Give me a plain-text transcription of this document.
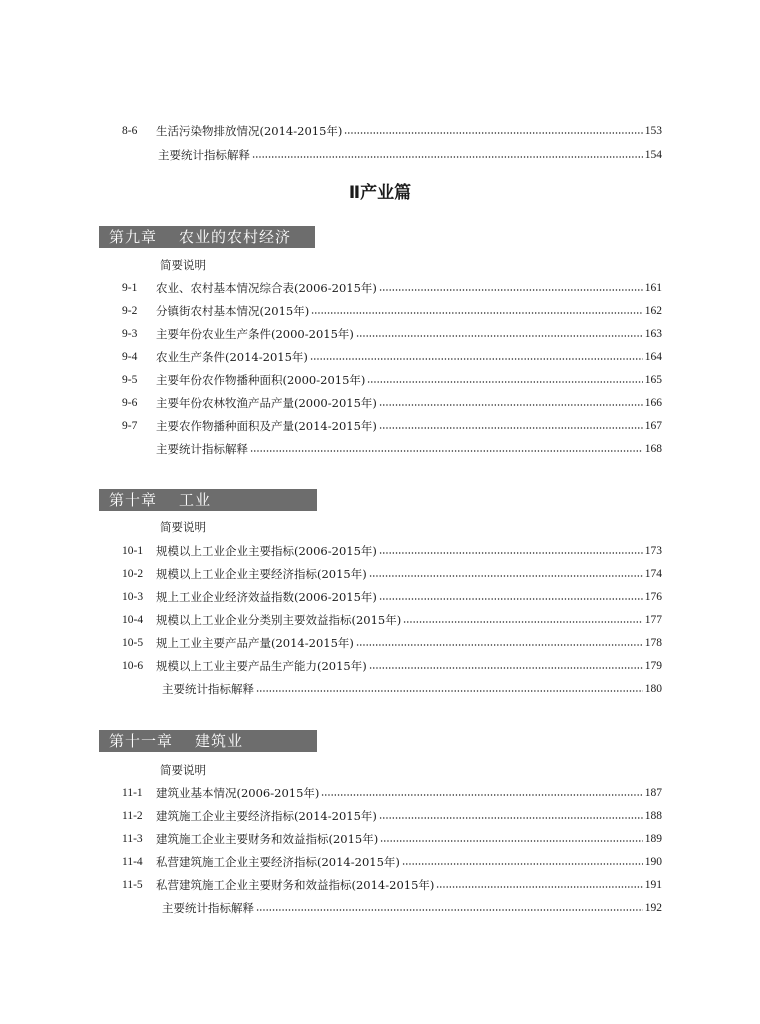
8-6	生活污染物排放情况(2014-2015年)	153
主要统计指标解释	154
Ⅱ产业篇
第九章 农业的农村经济
简要说明
9-1	农业、农村基本情况综合表(2006-2015年)	161
9-2	分镇街农村基本情况(2015年)	162
9-3	主要年份农业生产条件(2000-2015年)	163
9-4	农业生产条件(2014-2015年)	164
9-5	主要年份农作物播种面积(2000-2015年)	165
9-6	主要年份农林牧渔产品产量(2000-2015年)	166
9-7	主要农作物播种面积及产量(2014-2015年)	167
主要统计指标解释	168
第十章 工业
简要说明
10-1	规模以上工业企业主要指标(2006-2015年)	173
10-2	规模以上工业企业主要经济指标(2015年)	174
10-3	规上工业企业经济效益指数(2006-2015年)	176
10-4	规模以上工业企业分类别主要效益指标(2015年)	177
10-5	规上工业主要产品产量(2014-2015年)	178
10-6	规模以上工业主要产品生产能力(2015年)	179
主要统计指标解释	180
第十一章 建筑业
简要说明
11-1	建筑业基本情况(2006-2015年)	187
11-2	建筑施工企业主要经济指标(2014-2015年)	188
11-3	建筑施工企业主要财务和效益指标(2015年)	189
11-4	私营建筑施工企业主要经济指标(2014-2015年)	190
11-5	私营建筑施工企业主要财务和效益指标(2014-2015年)	191
主要统计指标解释	192
